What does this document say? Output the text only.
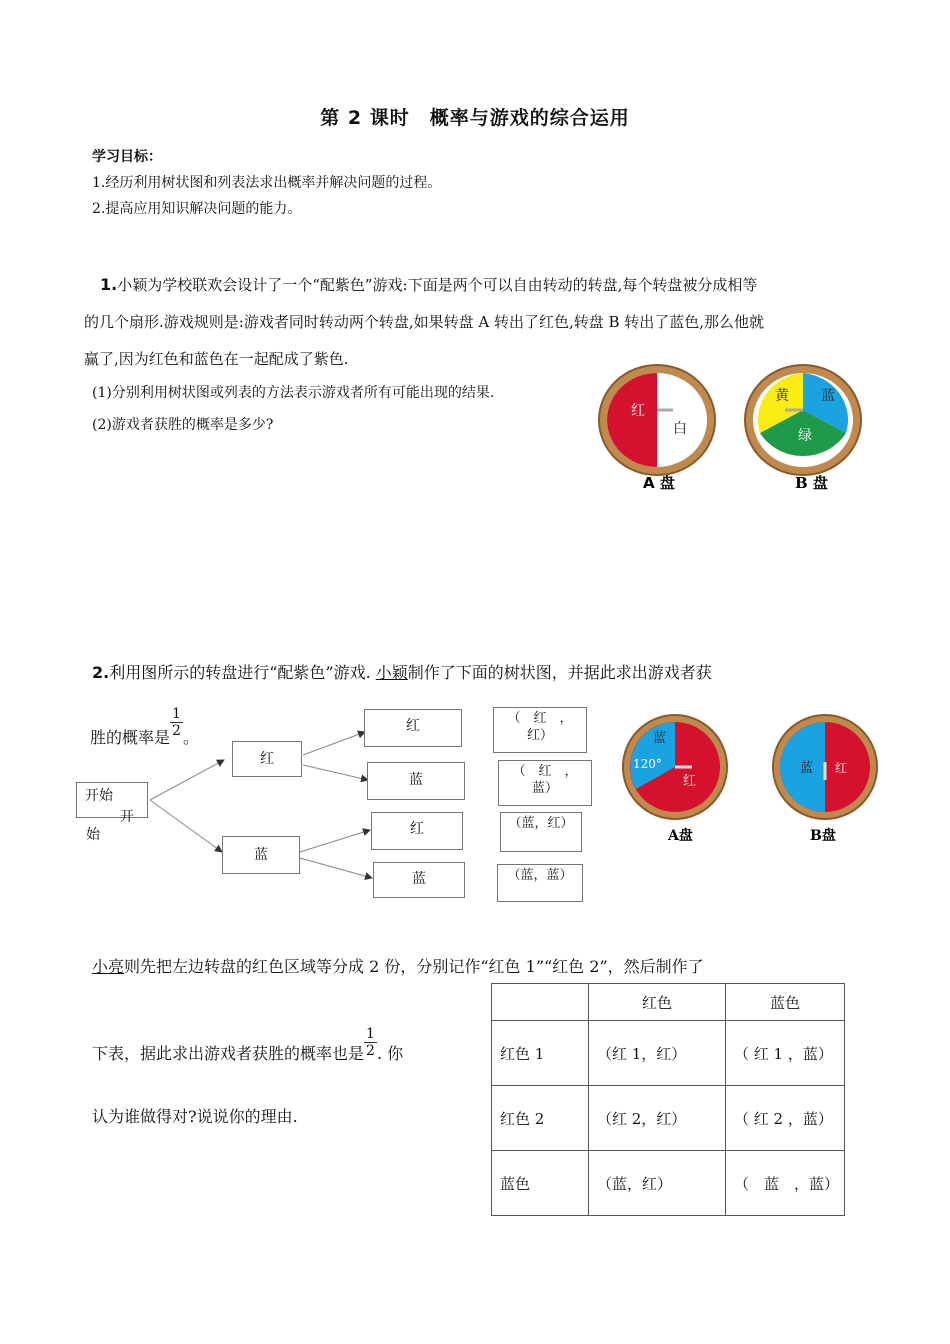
第 2 课时　概率与游戏的综合运用
学习目标：
1.经历利用树状图和列表法求出概率并解决问题的过程。
2.提高应用知识解决问题的能力。
1.小颖为学校联欢会设计了一个“配紫色”游戏:下面是两个可以自由转动的转盘,每个转盘被分成相等
的几个扇形.游戏规则是:游戏者同时转动两个转盘,如果转盘 A 转出了红色,转盘 B 转出了蓝色,那么他就
赢了,因为红色和蓝色在一起配成了紫色.
(1)分别利用树状图或列表的方法表示游戏者所有可能出现的结果.
(2)游戏者获胜的概率是多少?
红
白
黄 蓝
绿
A 盘	B 盘
2.利用图所示的转盘进行“配紫色”游戏. 小颖制作了下面的树状图，并据此求出游戏者获
胜的概率是 $\frac{1}{2}$ 。
开始
开
始
红
蓝
红
蓝
红
蓝
（　红　，红）
（　红　，蓝）
（蓝，红）
（蓝，蓝）
蓝
120°
红
蓝 红
A盘	B盘
小亮则先把左边转盘的红色区域等分成 2 份，分别记作“红色 1”“红色 2”，然后制作了
下表，据此求出游戏者获胜的概率也是 $\frac{1}{2}$ . 你
认为谁做得对?说说你的理由.
	红色	蓝色
红色 1	（红 1，红）	（ 红 1 ，蓝）
红色 2	（红 2，红）	（ 红 2 ，蓝）
蓝色	（蓝，红）	（　蓝　，蓝）
